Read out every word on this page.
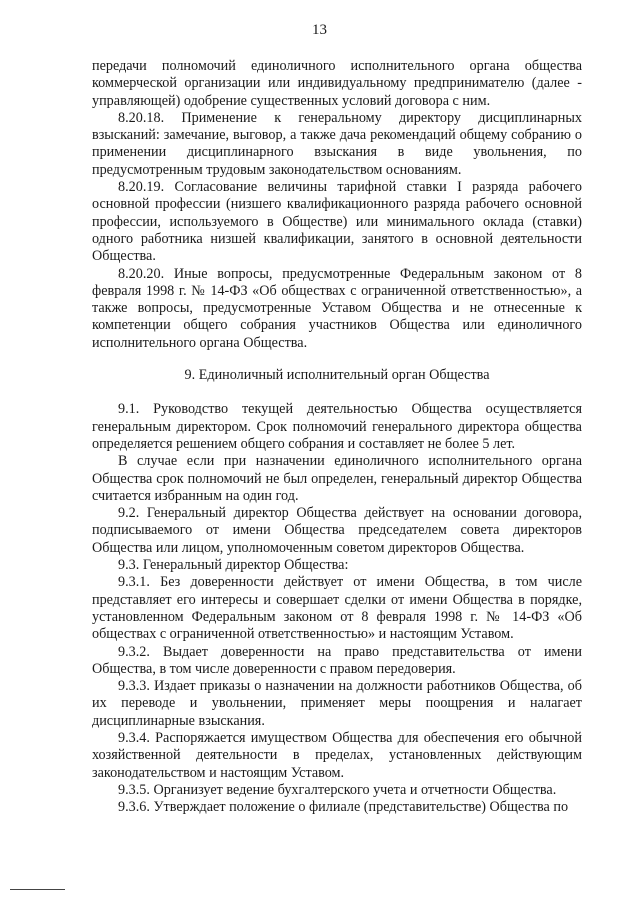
13

передачи полномочий единоличного исполнительного органа общества коммерческой организации или индивидуальному предпринимателю (далее - управляющей) одобрение существенных условий договора с ним.

8.20.18. Применение к генеральному директору дисциплинарных взысканий: замечание, выговор, а также дача рекомендаций общему собранию о применении дисциплинарного взыскания в виде увольнения, по предусмотренным трудовым законодательством основаниям.

8.20.19. Согласование величины тарифной ставки I разряда рабочего основной профессии (низшего квалификационного разряда рабочего основной профессии, используемого в Обществе) или минимального оклада (ставки) одного работника низшей квалификации, занятого в основной деятельности Общества.

8.20.20. Иные вопросы, предусмотренные Федеральным законом от 8 февраля 1998 г. № 14-ФЗ «Об обществах с ограниченной ответственностью», а также вопросы, предусмотренные Уставом Общества и не отнесенные к компетенции общего собрания участников Общества или единоличного исполнительного органа Общества.

9. Единоличный исполнительный орган Общества

9.1. Руководство текущей деятельностью Общества осуществляется генеральным директором. Срок полномочий генерального директора общества определяется решением общего собрания и составляет не более 5 лет.

В случае если при назначении единоличного исполнительного органа Общества срок полномочий не был определен, генеральный директор Общества считается избранным на один год.

9.2. Генеральный директор Общества действует на основании договора, подписываемого от имени Общества председателем совета директоров Общества или лицом, уполномоченным советом директоров Общества.

9.3. Генеральный директор Общества:

9.3.1. Без доверенности действует от имени Общества, в том числе представляет его интересы и совершает сделки от имени Общества в порядке, установленном Федеральным законом от 8 февраля 1998 г. № 14-ФЗ «Об обществах с ограниченной ответственностью» и настоящим Уставом.

9.3.2. Выдает доверенности на право представительства от имени Общества, в том числе доверенности с правом передоверия.

9.3.3. Издает приказы о назначении на должности работников Общества, об их переводе и увольнении, применяет меры поощрения и налагает дисциплинарные взыскания.

9.3.4. Распоряжается имуществом Общества для обеспечения его обычной хозяйственной деятельности в пределах, установленных действующим законодательством и настоящим Уставом.

9.3.5. Организует ведение бухгалтерского учета и отчетности Общества.

9.3.6. Утверждает положение о филиале (представительстве) Общества по
